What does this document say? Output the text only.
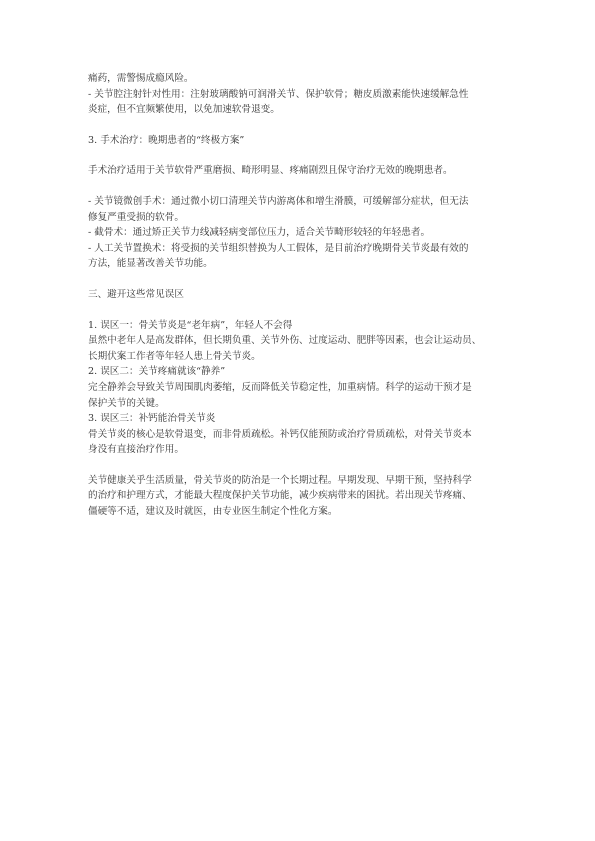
痛药，需警惕成瘾风险。
- 关节腔注射针对性用：注射玻璃酸钠可润滑关节、保护软骨；糖皮质激素能快速缓解急性
炎症，但不宜频繁使用，以免加速软骨退变。
3. 手术治疗：晚期患者的“终极方案”
手术治疗适用于关节软骨严重磨损、畸形明显、疼痛剧烈且保守治疗无效的晚期患者。
- 关节镜微创手术：通过微小切口清理关节内游离体和增生滑膜，可缓解部分症状，但无法
修复严重受损的软骨。
- 截骨术：通过矫正关节力线减轻病变部位压力，适合关节畸形较轻的年轻患者。
- 人工关节置换术：将受损的关节组织替换为人工假体，是目前治疗晚期骨关节炎最有效的
方法，能显著改善关节功能。
三、避开这些常见误区
1. 误区一：骨关节炎是“老年病”，年轻人不会得
虽然中老年人是高发群体，但长期负重、关节外伤、过度运动、肥胖等因素，也会让运动员、
长期伏案工作者等年轻人患上骨关节炎。
2. 误区二：关节疼痛就该“静养”
完全静养会导致关节周围肌肉萎缩，反而降低关节稳定性，加重病情。科学的运动干预才是
保护关节的关键。
3. 误区三：补钙能治骨关节炎
骨关节炎的核心是软骨退变，而非骨质疏松。补钙仅能预防或治疗骨质疏松，对骨关节炎本
身没有直接治疗作用。
关节健康关乎生活质量，骨关节炎的防治是一个长期过程。早期发现、早期干预，坚持科学
的治疗和护理方式，才能最大程度保护关节功能，减少疾病带来的困扰。若出现关节疼痛、
僵硬等不适，建议及时就医，由专业医生制定个性化方案。
